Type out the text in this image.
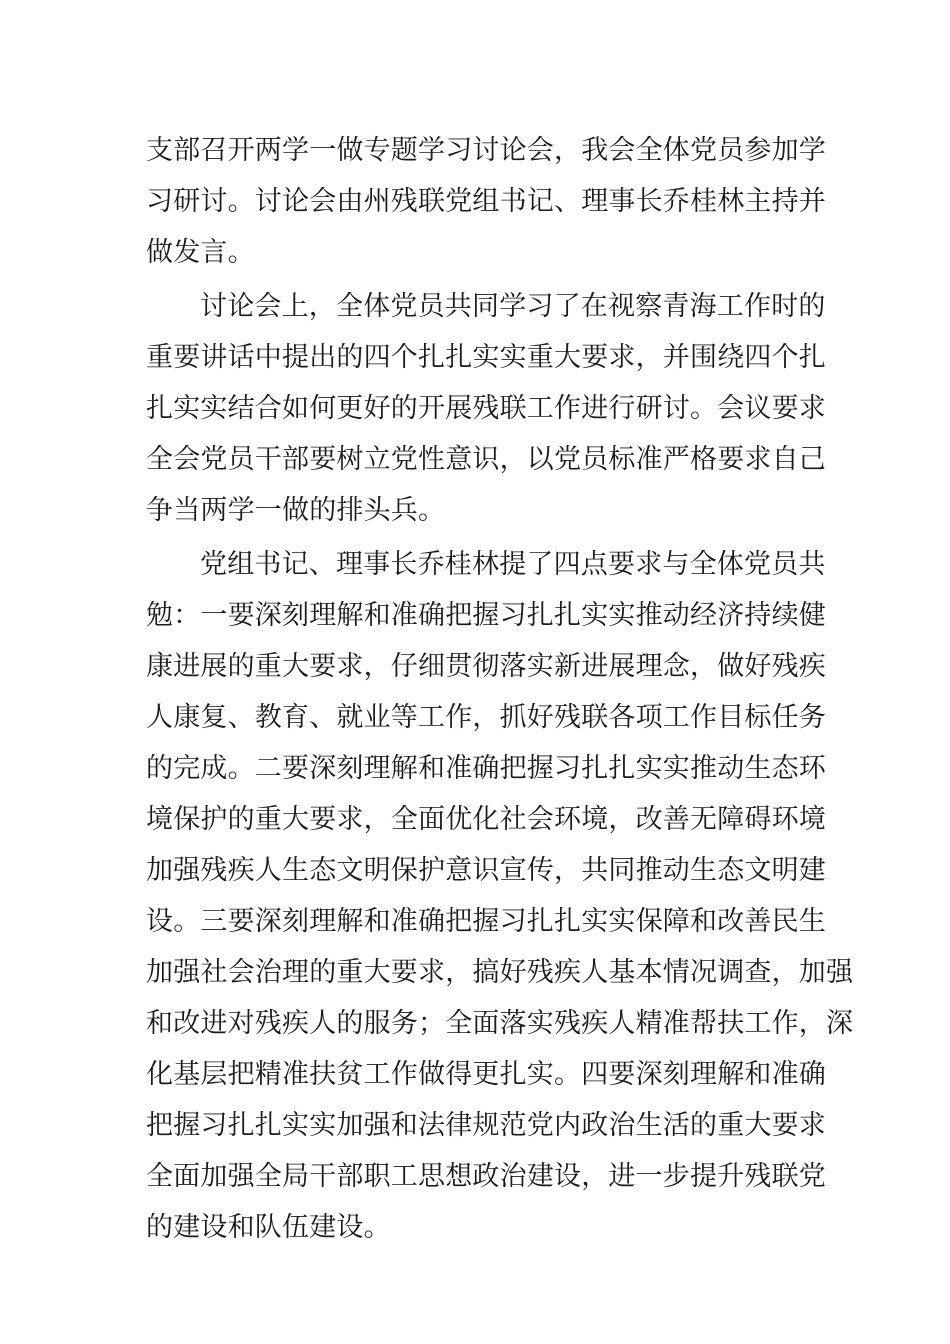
支部召开两学一做专题学习讨论会，我会全体党员参加学
习研讨。讨论会由州残联党组书记、理事长乔桂林主持并
做发言。
讨论会上，全体党员共同学习了在视察青海工作时的
重要讲话中提出的四个扎扎实实重大要求，并围绕四个扎
扎实实结合如何更好的开展残联工作进行研讨。会议要求
全会党员干部要树立党性意识，以党员标准严格要求自己
争当两学一做的排头兵。
党组书记、理事长乔桂林提了四点要求与全体党员共
勉：一要深刻理解和准确把握习扎扎实实推动经济持续健
康进展的重大要求，仔细贯彻落实新进展理念，做好残疾
人康复、教育、就业等工作，抓好残联各项工作目标任务
的完成。二要深刻理解和准确把握习扎扎实实推动生态环
境保护的重大要求，全面优化社会环境，改善无障碍环境
加强残疾人生态文明保护意识宣传，共同推动生态文明建
设。三要深刻理解和准确把握习扎扎实实保障和改善民生
加强社会治理的重大要求，搞好残疾人基本情况调查，加强
和改进对残疾人的服务；全面落实残疾人精准帮扶工作，深
化基层把精准扶贫工作做得更扎实。四要深刻理解和准确
把握习扎扎实实加强和法律规范党内政治生活的重大要求
全面加强全局干部职工思想政治建设，进一步提升残联党
的建设和队伍建设。
